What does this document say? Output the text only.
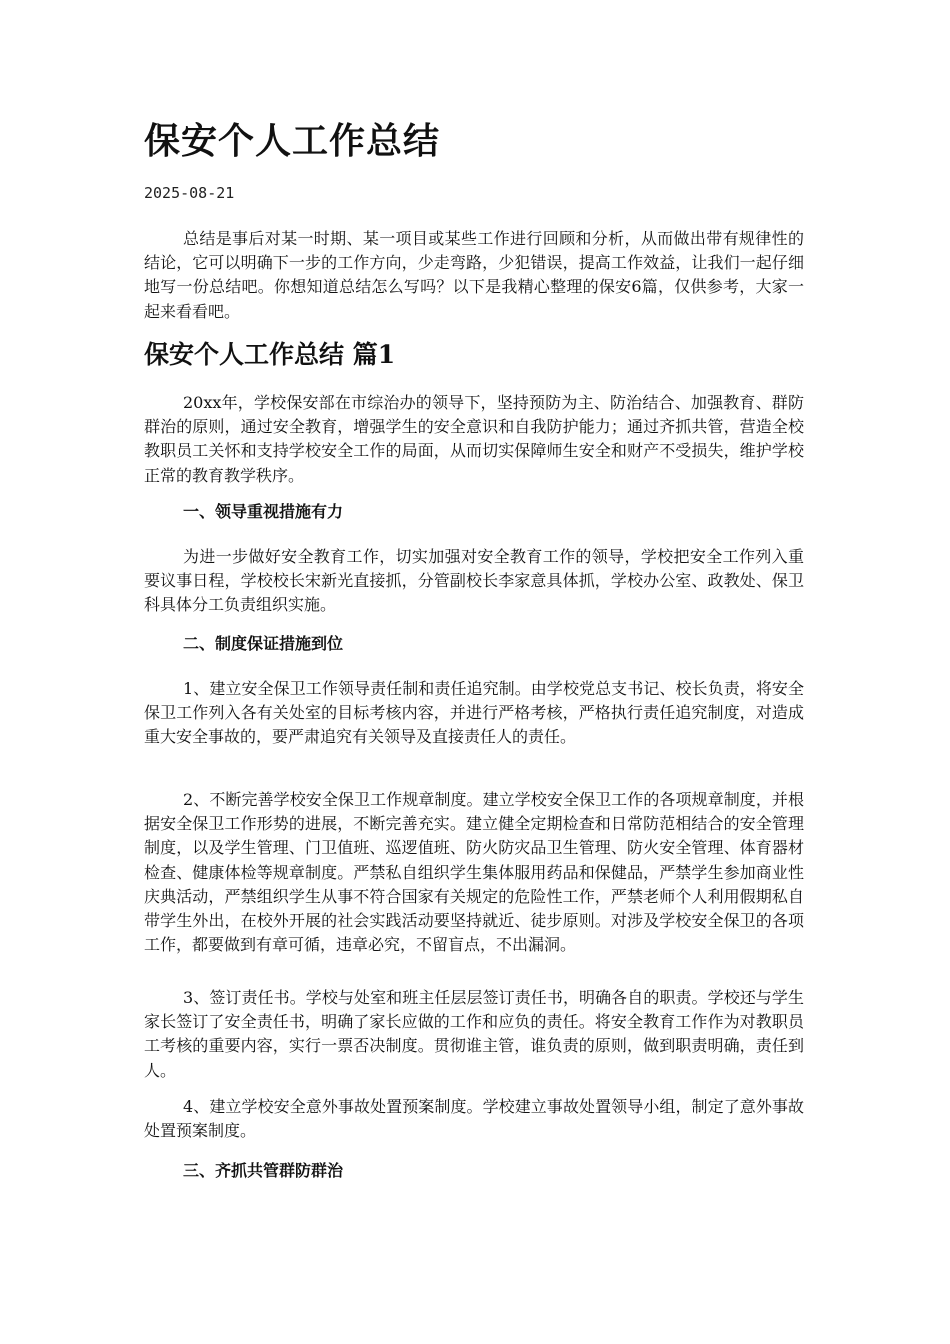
保安个人工作总结
2025-08-21

总结是事后对某一时期、某一项目或某些工作进行回顾和分析，从而做出带有规律性的结论，它可以明确下一步的工作方向，少走弯路，少犯错误，提高工作效益，让我们一起仔细地写一份总结吧。你想知道总结怎么写吗？以下是我精心整理的保安6篇，仅供参考，大家一起来看看吧。

保安个人工作总结 篇1

20xx年，学校保安部在市综治办的领导下，坚持预防为主、防治结合、加强教育、群防群治的原则，通过安全教育，增强学生的安全意识和自我防护能力；通过齐抓共管，营造全校教职员工关怀和支持学校安全工作的局面，从而切实保障师生安全和财产不受损失，维护学校正常的教育教学秩序。

一、领导重视措施有力

为进一步做好安全教育工作，切实加强对安全教育工作的领导，学校把安全工作列入重要议事日程，学校校长宋新光直接抓，分管副校长李家意具体抓，学校办公室、政教处、保卫科具体分工负责组织实施。

二、制度保证措施到位

1、建立安全保卫工作领导责任制和责任追究制。由学校党总支书记、校长负责，将安全保卫工作列入各有关处室的目标考核内容，并进行严格考核，严格执行责任追究制度，对造成重大安全事故的，要严肃追究有关领导及直接责任人的责任。

2、不断完善学校安全保卫工作规章制度。建立学校安全保卫工作的各项规章制度，并根据安全保卫工作形势的进展，不断完善充实。建立健全定期检查和日常防范相结合的安全管理制度，以及学生管理、门卫值班、巡逻值班、防火防灾品卫生管理、防火安全管理、体育器材检查、健康体检等规章制度。严禁私自组织学生集体服用药品和保健品，严禁学生参加商业性庆典活动，严禁组织学生从事不符合国家有关规定的危险性工作，严禁老师个人利用假期私自带学生外出，在校外开展的社会实践活动要坚持就近、徒步原则。对涉及学校安全保卫的各项工作，都要做到有章可循，违章必究，不留盲点，不出漏洞。

3、签订责任书。学校与处室和班主任层层签订责任书，明确各自的职责。学校还与学生家长签订了安全责任书，明确了家长应做的工作和应负的责任。将安全教育工作作为对教职员工考核的重要内容，实行一票否决制度。贯彻谁主管，谁负责的原则，做到职责明确，责任到人。

4、建立学校安全意外事故处置预案制度。学校建立事故处置领导小组，制定了意外事故处置预案制度。

三、齐抓共管群防群治
